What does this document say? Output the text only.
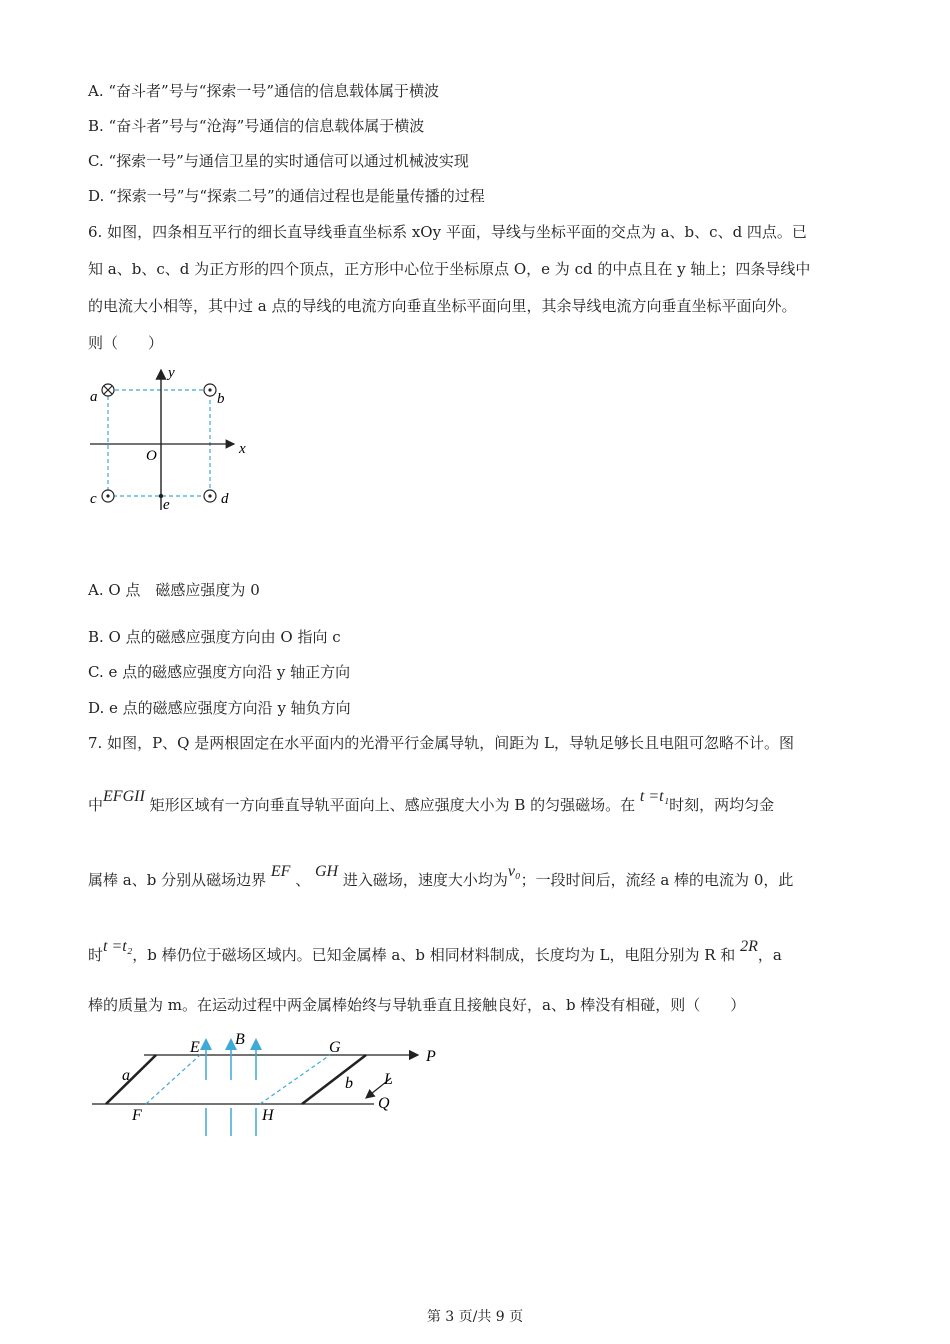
A. “奋斗者”号与“探索一号”通信的信息载体属于横波
B. “奋斗者”号与“沧海”号通信的信息载体属于横波
C. “探索一号”与通信卫星的实时通信可以通过机械波实现
D. “探索一号”与“探索二号”的通信过程也是能量传播的过程
6. 如图，四条相互平行的细长直导线垂直坐标系 xOy 平面，导线与坐标平面的交点为 a、b、c、d 四点。已
知 a、b、c、d 为正方形的四个顶点，正方形中心位于坐标原点 O，e 为 cd 的中点且在 y 轴上；四条导线中
的电流大小相等，其中过 a 点的导线的电流方向垂直坐标平面向里，其余导线电流方向垂直坐标平面向外。
则（　　）
y
x
O
a	b
c	d
e
A. O 点　磁感应强度为 0
B. O 点的磁感应强度方向由 O 指向 c
C. e 点的磁感应强度方向沿 y 轴正方向
D. e 点的磁感应强度方向沿 y 轴负方向
7. 如图，P、Q 是两根固定在水平面内的光滑平行金属导轨，间距为 L，导轨足够长且电阻可忽略不计。图
中EFGII 矩形区域有一方向垂直导轨平面向上、感应强度大小为 B 的匀强磁场。在 t =t₁时刻，两均匀金
属棒 a、b 分别从磁场边界 EF 、 GH 进入磁场，速度大小均为v₀；一段时间后，流经 a 棒的电流为 0，此
时t =t₂，b 棒仍位于磁场区域内。已知金属棒 a、b 相同材料制成，长度均为 L，电阻分别为 R 和 2R，a
棒的质量为 m。在运动过程中两金属棒始终与导轨垂直且接触良好，a、b 棒没有相碰，则（　　）
E B	G
P
a	b L
F	H
Q
第 3 页/共 9 页
